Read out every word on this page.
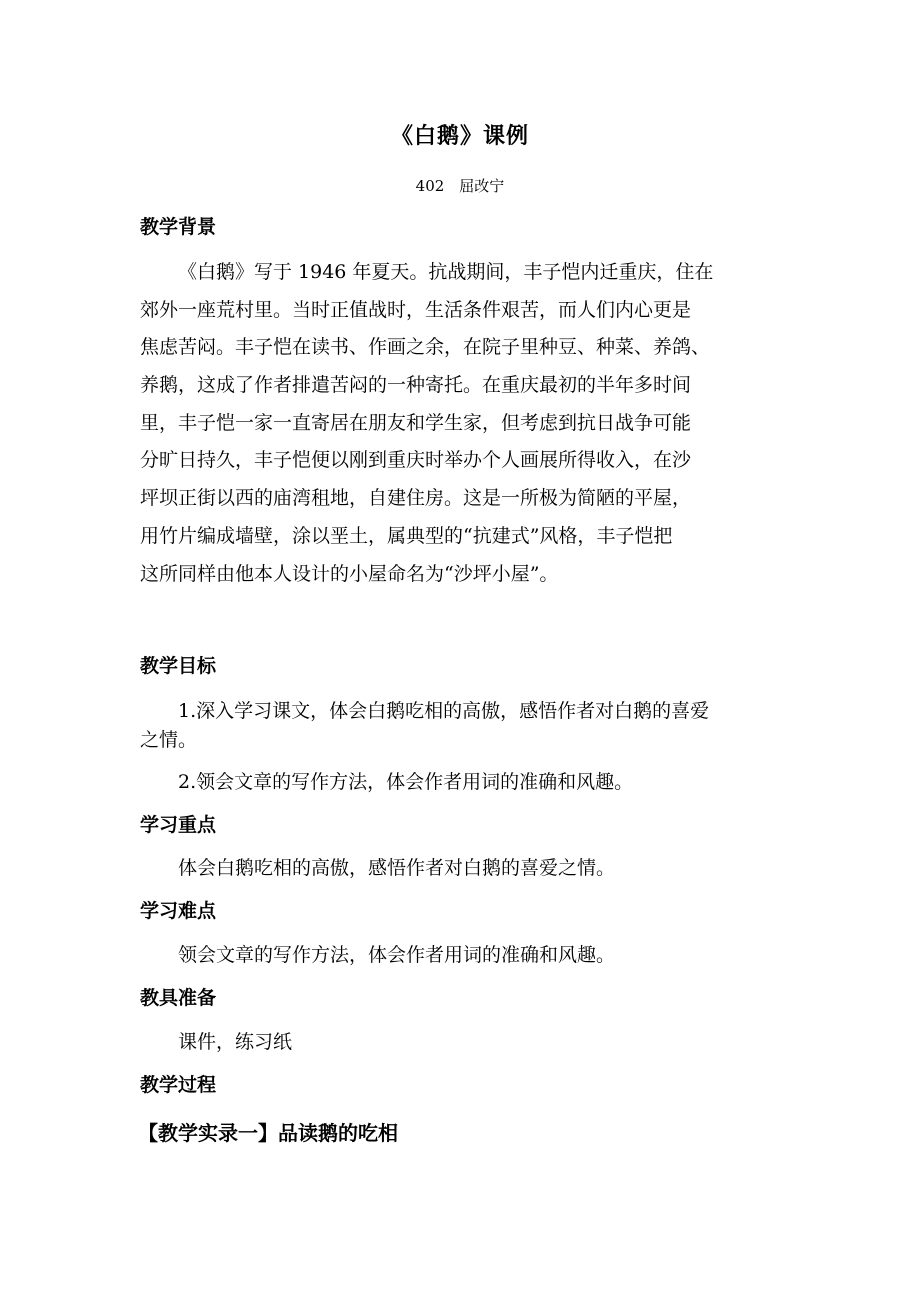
《白鹅》课例
402　屈改宁
教学背景
《白鹅》写于 1946 年夏天。抗战期间，丰子恺内迁重庆，住在
郊外一座荒村里。当时正值战时，生活条件艰苦，而人们内心更是
焦虑苦闷。丰子恺在读书、作画之余，在院子里种豆、种菜、养鸽、
养鹅，这成了作者排遣苦闷的一种寄托。在重庆最初的半年多时间
里，丰子恺一家一直寄居在朋友和学生家，但考虑到抗日战争可能
分旷日持久，丰子恺便以刚到重庆时举办个人画展所得收入，在沙
坪坝正街以西的庙湾租地，自建住房。这是一所极为简陋的平屋，
用竹片编成墙壁，涂以垩土，属典型的“抗建式”风格，丰子恺把
这所同样由他本人设计的小屋命名为“沙坪小屋”。
教学目标
1.深入学习课文，体会白鹅吃相的高傲，感悟作者对白鹅的喜爱
之情。
2.领会文章的写作方法，体会作者用词的准确和风趣。
学习重点
体会白鹅吃相的高傲，感悟作者对白鹅的喜爱之情。
学习难点
领会文章的写作方法，体会作者用词的准确和风趣。
教具准备
课件，练习纸
教学过程
【教学实录一】品读鹅的吃相
